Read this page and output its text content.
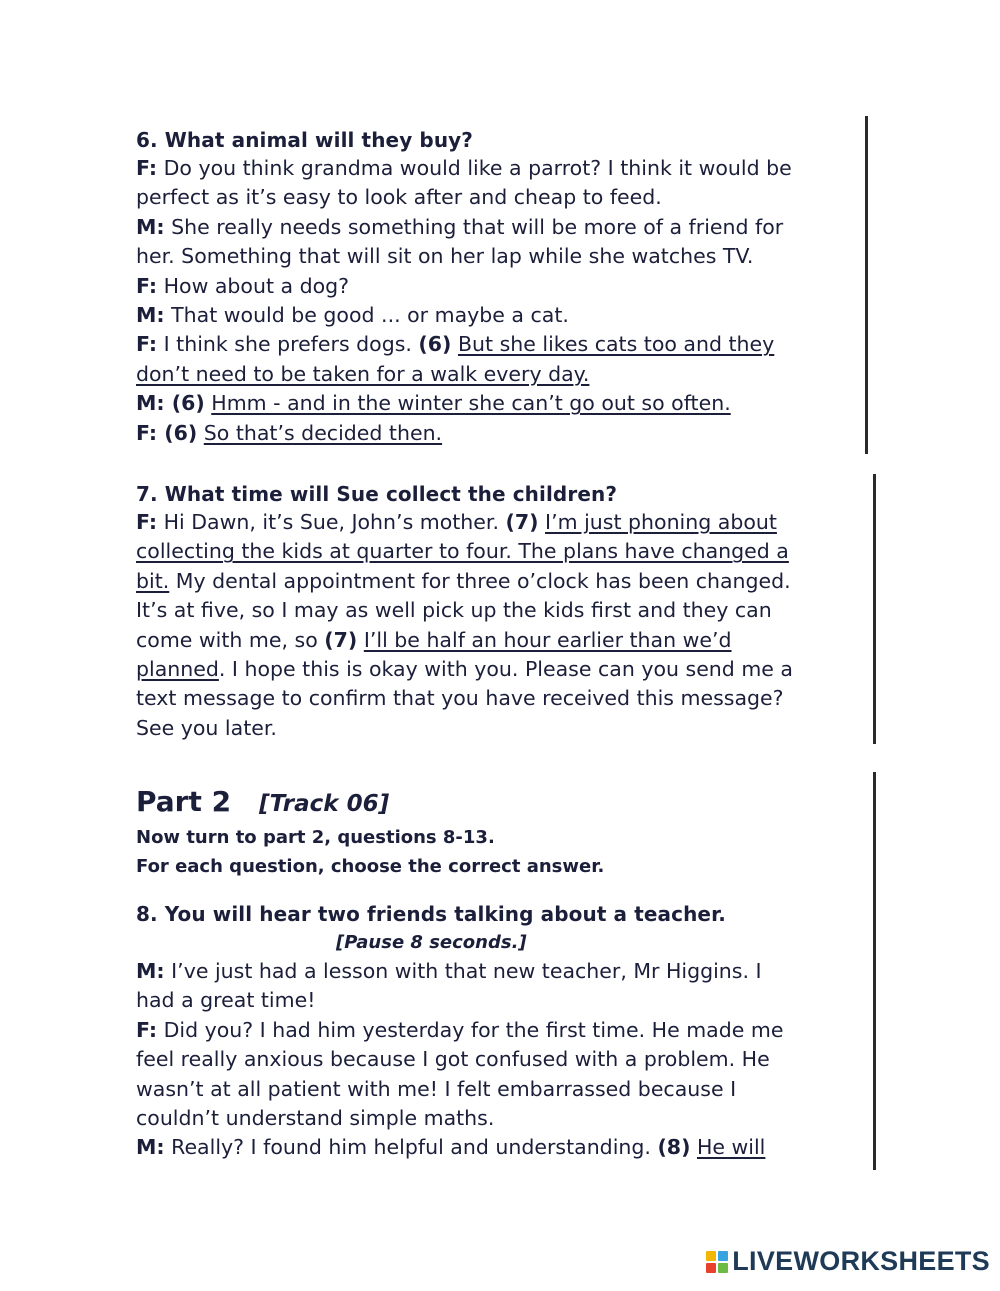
6. What animal will they buy?
F: Do you think grandma would like a parrot? I think it would be
perfect as it’s easy to look after and cheap to feed.
M: She really needs something that will be more of a friend for
her. Something that will sit on her lap while she watches TV.
F: How about a dog?
M: That would be good ... or maybe a cat.
F: I think she prefers dogs. (6) But she likes cats too and they
don’t need to be taken for a walk every day.
M: (6) Hmm - and in the winter she can’t go out so often.
F: (6) So that’s decided then.
7. What time will Sue collect the children?
F: Hi Dawn, it’s Sue, John’s mother. (7) I’m just phoning about
collecting the kids at quarter to four. The plans have changed a
bit. My dental appointment for three o’clock has been changed.
It’s at five, so I may as well pick up the kids first and they can
come with me, so (7) I’ll be half an hour earlier than we’d
planned. I hope this is okay with you. Please can you send me a
text message to confirm that you have received this message?
See you later.
Part 2 [Track 06]
Now turn to part 2, questions 8-13.
For each question, choose the correct answer.
8. You will hear two friends talking about a teacher.
[Pause 8 seconds.]
M: I’ve just had a lesson with that new teacher, Mr Higgins. I
had a great time!
F: Did you? I had him yesterday for the first time. He made me
feel really anxious because I got confused with a problem. He
wasn’t at all patient with me! I felt embarrassed because I
couldn’t understand simple maths.
M: Really? I found him helpful and understanding. (8) He will
LIVEWORKSHEETS
